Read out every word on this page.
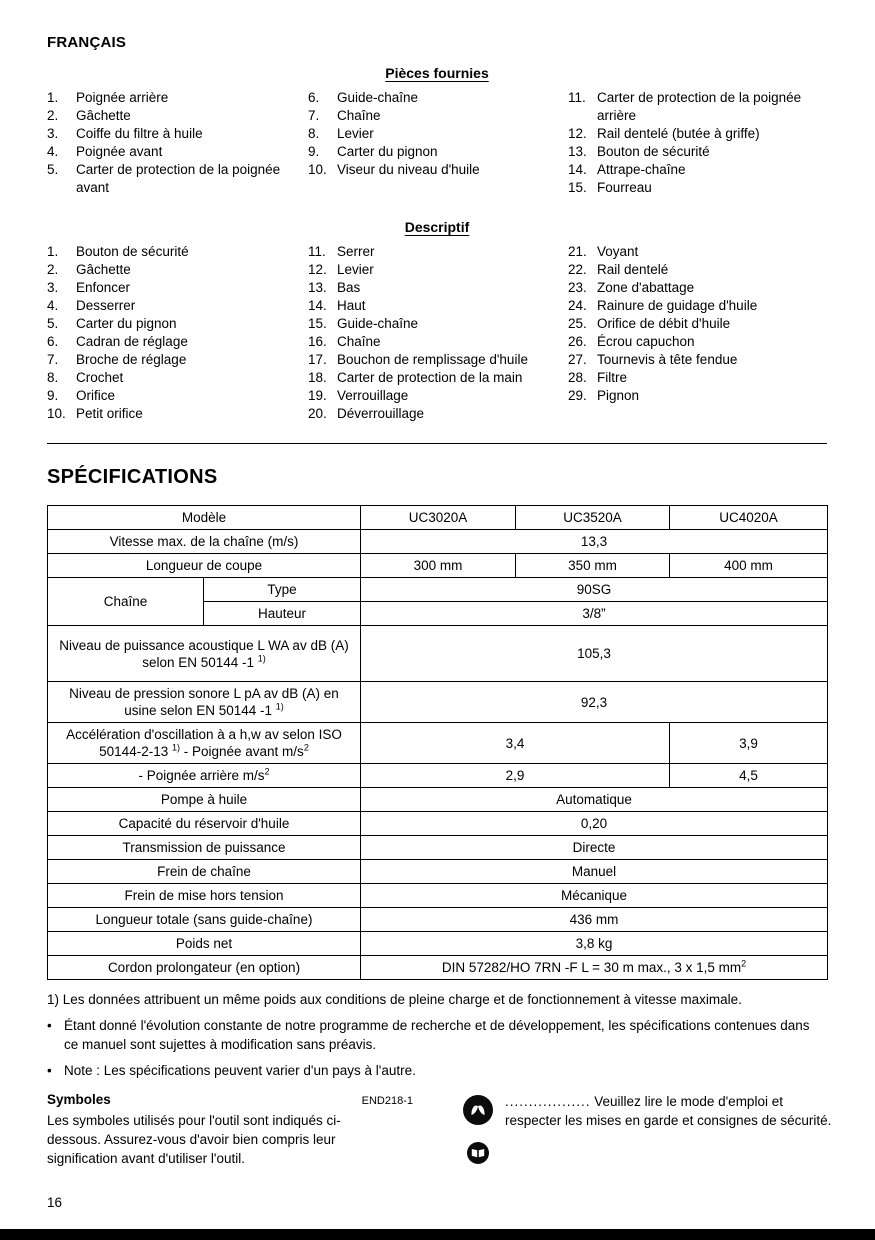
FRANÇAIS
Pièces fournies
1.	Poignée arrière
2.	Gâchette
3.	Coiffe du filtre à huile
4.	Poignée avant
5.	Carter de protection de la poignée avant
6.	Guide-chaîne
7.	Chaîne
8.	Levier
9.	Carter du pignon
10. Viseur du niveau d'huile
11. Carter de protection de la poignée arrière
12. Rail dentelé (butée à griffe)
13. Bouton de sécurité
14. Attrape-chaîne
15. Fourreau
Descriptif
1.	Bouton de sécurité
2.	Gâchette
3.	Enfoncer
4.	Desserrer
5.	Carter du pignon
6.	Cadran de réglage
7.	Broche de réglage
8.	Crochet
9.	Orifice
10. Petit orifice
11. Serrer
12. Levier
13. Bas
14. Haut
15. Guide-chaîne
16. Chaîne
17. Bouchon de remplissage d'huile
18. Carter de protection de la main
19. Verrouillage
20. Déverrouillage
21. Voyant
22. Rail dentelé
23. Zone d'abattage
24. Rainure de guidage d'huile
25. Orifice de débit d'huile
26. Écrou capuchon
27. Tournevis à tête fendue
28. Filtre
29. Pignon
SPÉCIFICATIONS
Modèle		UC3020A	UC3520A	UC4020A
Vitesse max. de la chaîne (m/s)		13,3		
Longueur de coupe		300 mm	350 mm	400 mm
Chaîne	Type	90SG		
	Hauteur	3/8”		
Niveau de puissance acoustique L WA av dB (A) selon EN 50144 -1 $^{1)}$		105,3		
Niveau de pression sonore L pA av dB (A) en usine selon EN 50144 -1 $^{1)}$		92,3		
Accélération d'oscillation à a h,w av selon ISO 50144-2-13 $^{1)}$ - Poignée avant $m/s^2$		3,4		3,9
- Poignée arrière $m/s^2$		2,9		4,5
Pompe à huile		Automatique		
Capacité du réservoir d'huile		0,20		
Transmission de puissance		Directe		
Frein de chaîne		Manuel		
Frein de mise hors tension		Mécanique		
Longueur totale (sans guide-chaîne)		436 mm		
Poids net		3,8 kg		
Cordon prolongateur (en option)		DIN 57282/HO 7RN -F L = 30 m max., 3 x 1,5 $mm^2$

1) Les données attribuent un même poids aux conditions de pleine charge et de fonctionnement à vitesse maximale.

• Étant donné l'évolution constante de notre programme de recherche et de développement, les spécifications contenues dans ce manuel sont sujettes à modification sans préavis.
• Note : Les spécifications peuvent varier d'un pays à l'autre.
Symboles	END218-1
Les symboles utilisés pour l'outil sont indiqués ci-dessous. Assurez-vous d'avoir bien compris leur signification avant d'utiliser l'outil.
.................. Veuillez lire le mode d'emploi et respecter les mises en garde et consignes de sécurité.
16
